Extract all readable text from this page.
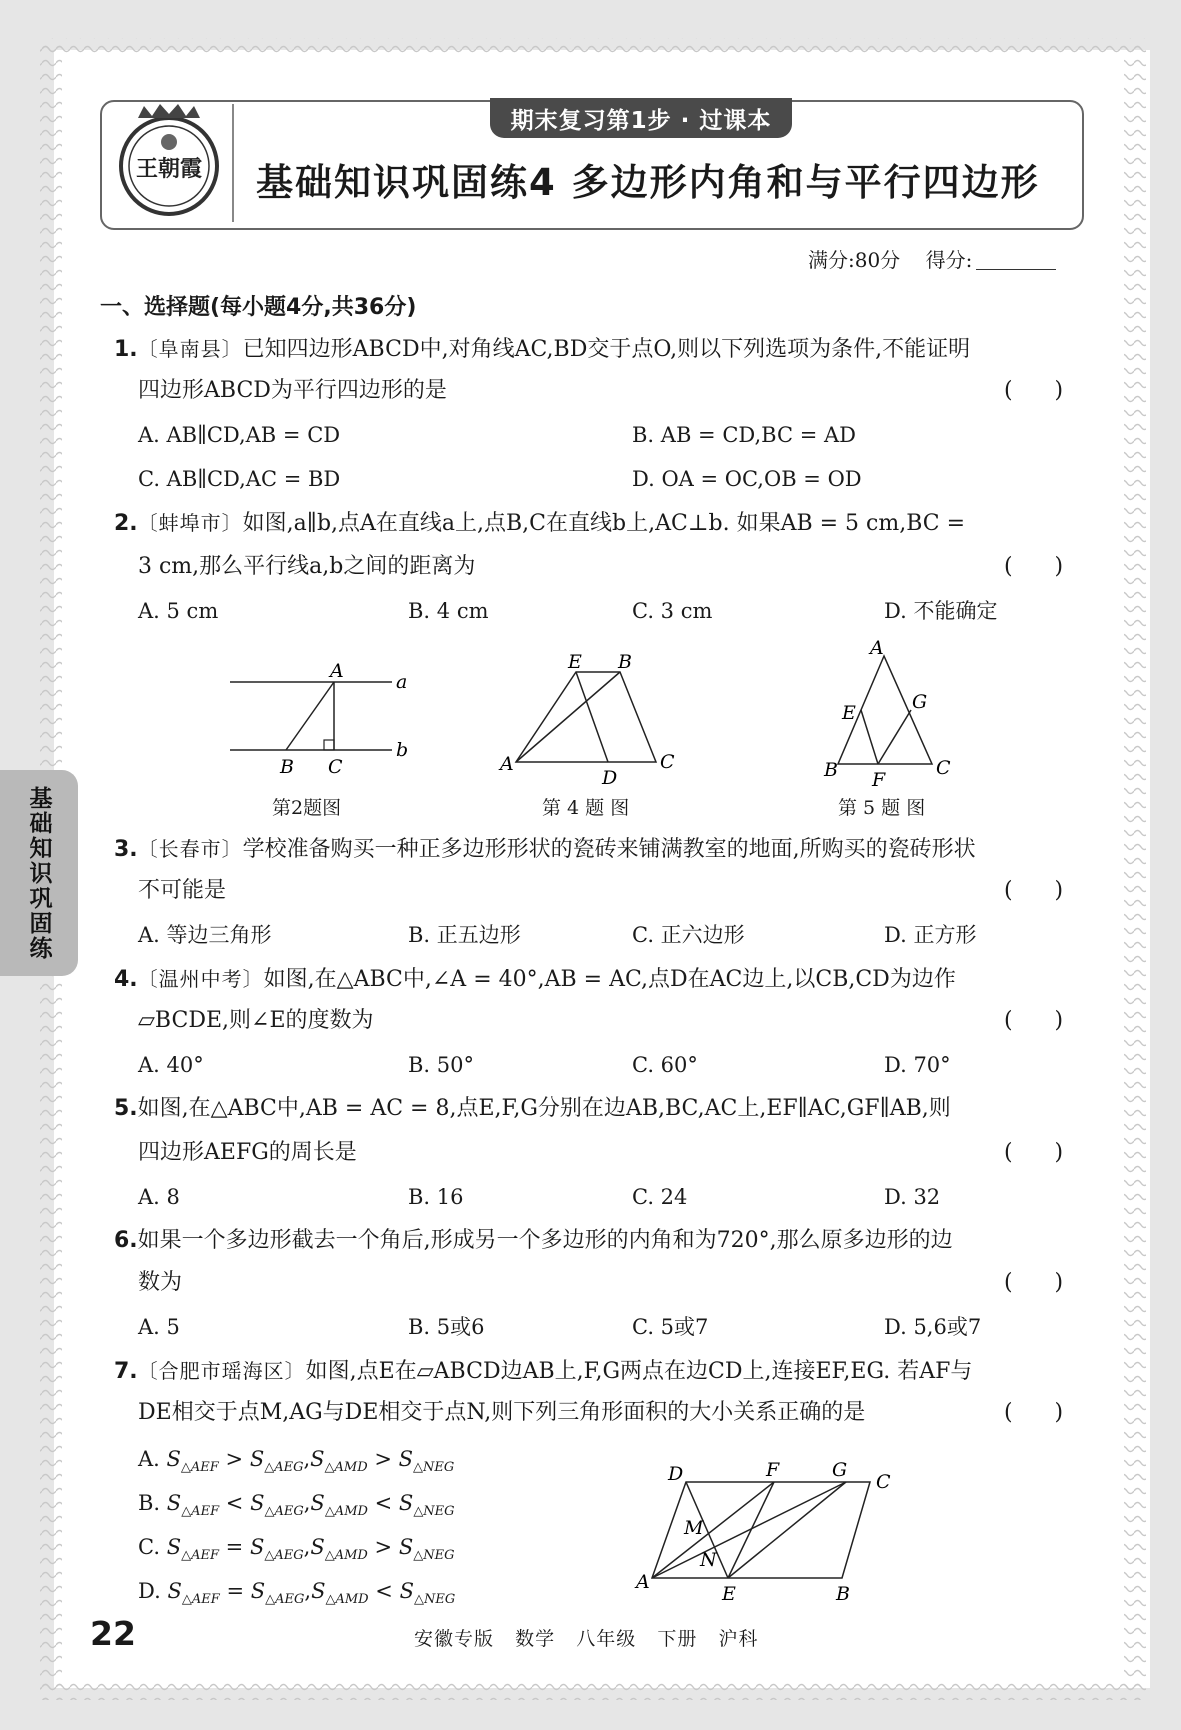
王朝霞
期末复习第1步 · 过课本
基础知识巩固练4 多边形内角和与平行四边形
满分:80分 得分:
一、选择题(每小题4分,共36分)
1.〔阜南县〕已知四边形ABCD中,对角线AC,BD交于点O,则以下列选项为条件,不能证明
四边形ABCD为平行四边形的是	(      )
A. AB∥CD,AB = CD	B. AB = CD,BC = AD
C. AB∥CD,AC = BD	D. OA = OC,OB = OD
2.〔蚌埠市〕如图,a∥b,点A在直线a上,点B,C在直线b上,AC⊥b. 如果AB = 5 cm,BC =
3 cm,那么平行线a,b之间的距离为	(      )
A. 5 cm	B. 4 cm	C. 3 cm	D. 不能确定
A	a
b
B C
第2题图
E B
A
D
C
第 4 题 图
A
G
E
B F
C
第 5 题 图
3.〔长春市〕学校准备购买一种正多边形形状的瓷砖来铺满教室的地面,所购买的瓷砖形状
不可能是	(      )
A. 等边三角形	B. 正五边形	C. 正六边形	D. 正方形
4.〔温州中考〕如图,在△ABC中,∠A = 40°,AB = AC,点D在AC边上,以CB,CD为边作
▱BCDE,则∠E的度数为	(      )
A. 40°	B. 50°	C. 60°	D. 70°
5.如图,在△ABC中,AB = AC = 8,点E,F,G分别在边AB,BC,AC上,EF∥AC,GF∥AB,则
四边形AEFG的周长是	(      )
A. 8	B. 16	C. 24	D. 32
6.如果一个多边形截去一个角后,形成另一个多边形的内角和为720°,那么原多边形的边
数为	(      )
A. 5	B. 5或6	C. 5或7	D. 5,6或7
7.〔合肥市瑶海区〕如图,点E在▱ABCD边AB上,F,G两点在边CD上,连接EF,EG. 若AF与
DE相交于点M,AG与DE相交于点N,则下列三角形面积的大小关系正确的是	(      )
A. $S_{\triangle AEF} > S_{\triangle AEG},S_{\triangle AMD} > S_{\triangle NEG}$
B. $S_{\triangle AEF} < S_{\triangle AEG},S_{\triangle AMD} < S_{\triangle NEG}$
C. $S_{\triangle AEF} = S_{\triangle AEG},S_{\triangle AMD} > S_{\triangle NEG}$
D. $S_{\triangle AEF} = S_{\triangle AEG},S_{\triangle AMD} < S_{\triangle NEG}$
D	F	G
C
M
N
A
E	B
基础知识巩固练
22	安徽专版   数学   八年级   下册   沪科
